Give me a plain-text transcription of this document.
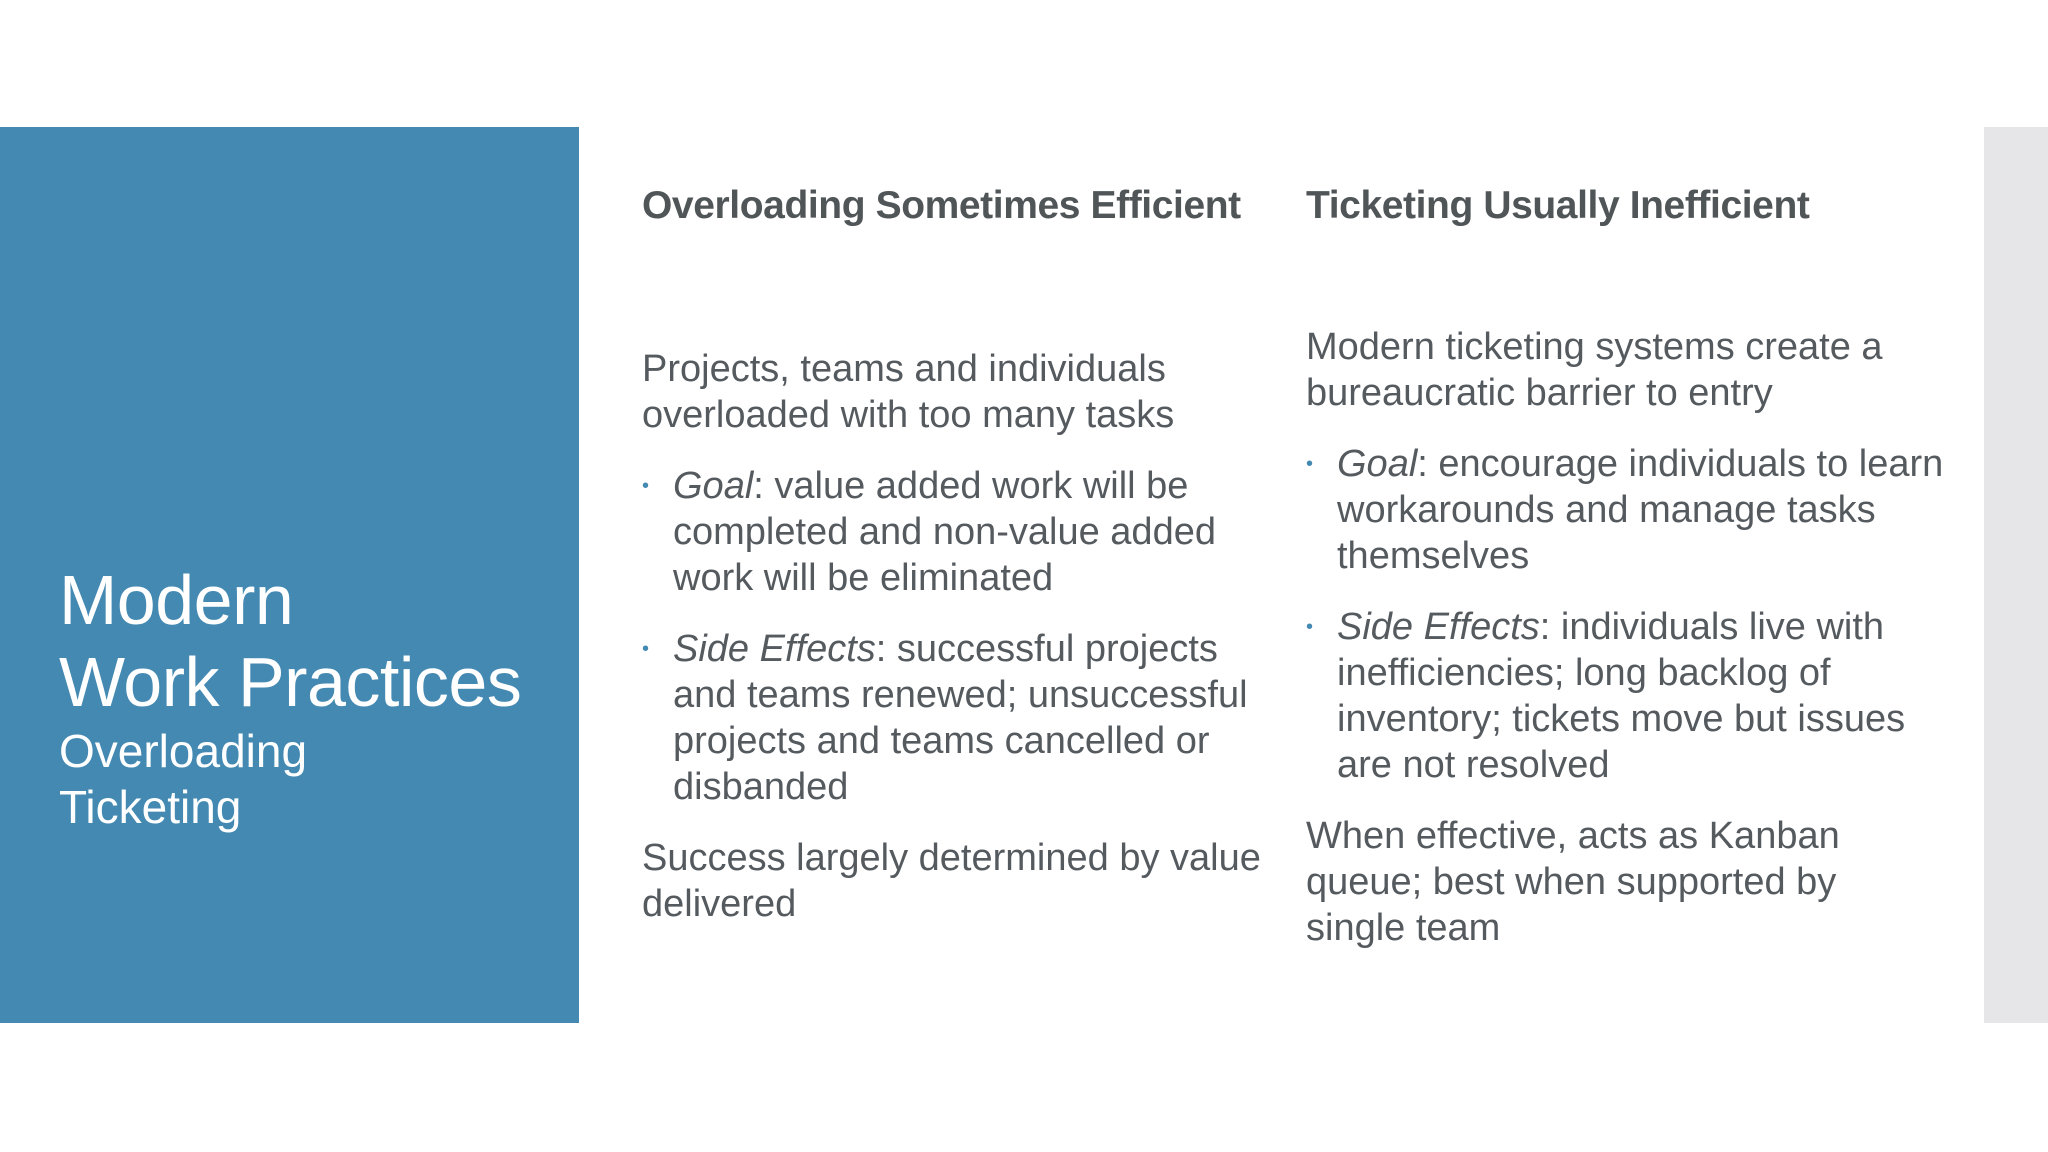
Modern
Work Practices
Overloading
Ticketing
Overloading Sometimes Efficient

Projects, teams and individuals overloaded with too many tasks

• Goal: value added work will be completed and non-value added work will be eliminated
• Side Effects: successful projects and teams renewed; unsuccessful projects and teams cancelled or disbanded

Success largely determined by value delivered

Ticketing Usually Inefficient

Modern ticketing systems create a bureaucratic barrier to entry

• Goal: encourage individuals to learn workarounds and manage tasks themselves
• Side Effects: individuals live with inefficiencies; long backlog of inventory; tickets move but issues are not resolved

When effective, acts as Kanban queue; best when supported by single team
